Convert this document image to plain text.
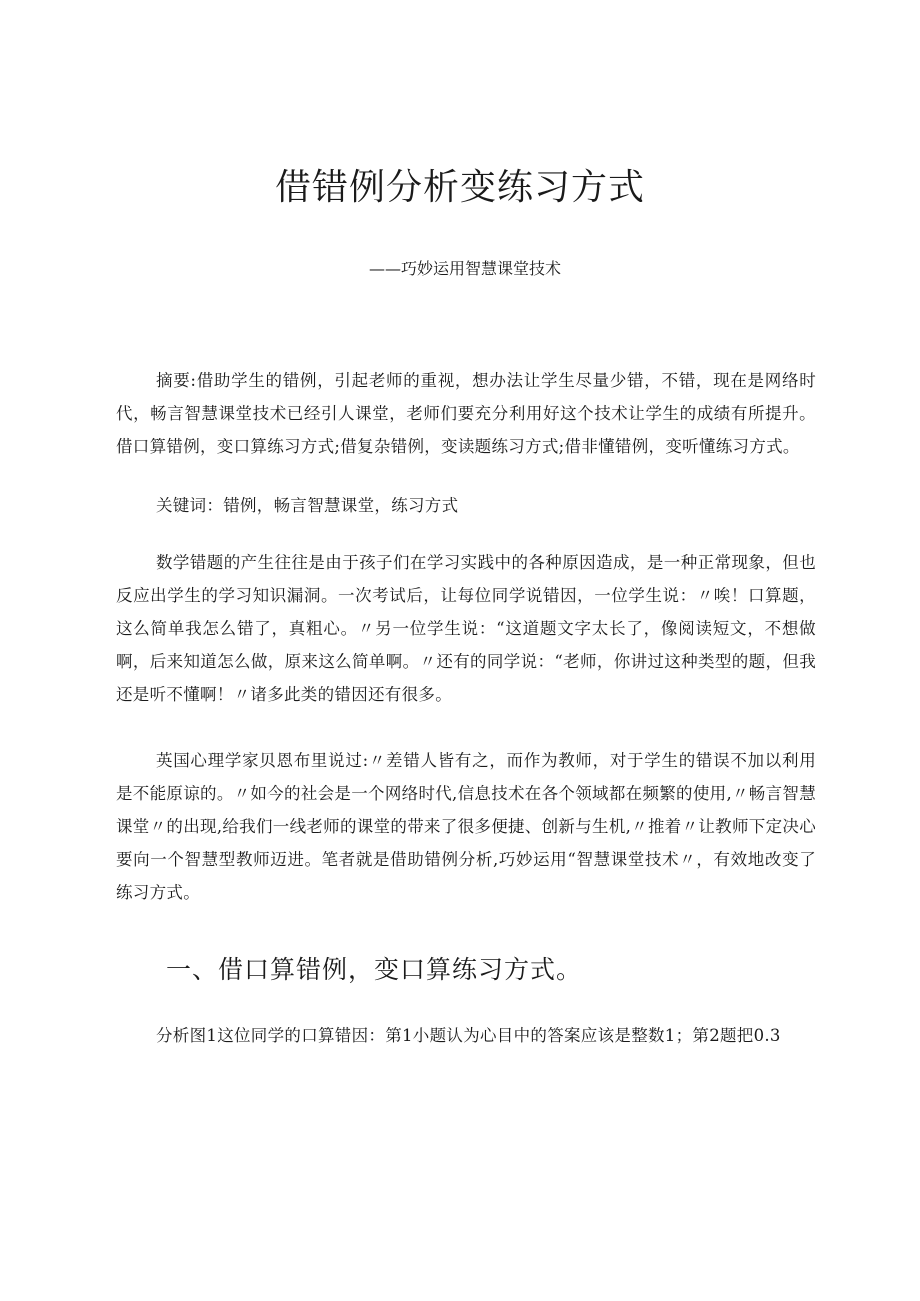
借错例分析变练习方式
——巧妙运用智慧课堂技术

摘要:借助学生的错例，引起老师的重视，想办法让学生尽量少错，不错，现在是网络时代，畅言智慧课堂技术已经引人课堂，老师们要充分利用好这个技术让学生的成绩有所提升。借口算错例，变口算练习方式;借复杂错例，变读题练习方式;借非懂错例，变听懂练习方式。

关键词：错例，畅言智慧课堂，练习方式

数学错题的产生往往是由于孩子们在学习实践中的各种原因造成，是一种正常现象，但也反应出学生的学习知识漏洞。一次考试后，让每位同学说错因，一位学生说：〃唉！口算题，这么简单我怎么错了，真粗心。〃另一位学生说：“这道题文字太长了，像阅读短文，不想做啊，后来知道怎么做，原来这么简单啊。〃还有的同学说：“老师，你讲过这种类型的题，但我还是听不懂啊！〃诸多此类的错因还有很多。

英国心理学家贝恩布里说过:〃差错人皆有之，而作为教师，对于学生的错误不加以利用是不能原谅的。〃如今的社会是一个网络时代,信息技术在各个领域都在频繁的使用,〃畅言智慧课堂〃的出现,给我们一线老师的课堂的带来了很多便捷、创新与生机,〃推着〃让教师下定决心要向一个智慧型教师迈进。笔者就是借助错例分析,巧妙运用“智慧课堂技术〃，有效地改变了练习方式。

一、借口算错例，变口算练习方式。

分析图1这位同学的口算错因：第1小题认为心目中的答案应该是整数1；第2题把0.3
